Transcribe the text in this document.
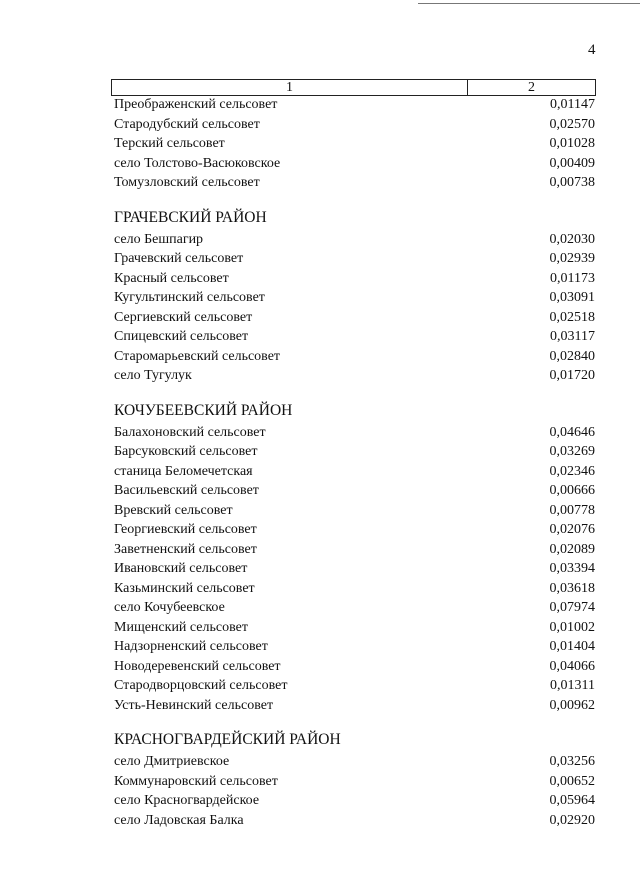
4
1	2
Преображенский сельсовет	0,01147
Стародубский сельсовет	0,02570
Терский сельсовет	0,01028
село Толстово-Васюковское	0,00409
Томузловский сельсовет	0,00738
ГРАЧЕВСКИЙ РАЙОН
село Бешпагир	0,02030
Грачевский сельсовет	0,02939
Красный сельсовет	0,01173
Кугультинский сельсовет	0,03091
Сергиевский сельсовет	0,02518
Спицевский сельсовет	0,03117
Старомарьевский сельсовет	0,02840
село Тугулук	0,01720
КОЧУБЕЕВСКИЙ РАЙОН
Балахоновский сельсовет	0,04646
Барсуковский сельсовет	0,03269
станица Беломечетская	0,02346
Васильевский сельсовет	0,00666
Вревский сельсовет	0,00778
Георгиевский сельсовет	0,02076
Заветненский сельсовет	0,02089
Ивановский сельсовет	0,03394
Казьминский сельсовет	0,03618
село Кочубеевское	0,07974
Мищенский сельсовет	0,01002
Надзорненский сельсовет	0,01404
Новодеревенский сельсовет	0,04066
Стародворцовский сельсовет	0,01311
Усть-Невинский сельсовет	0,00962
КРАСНОГВАРДЕЙСКИЙ РАЙОН
село Дмитриевское	0,03256
Коммунаровский сельсовет	0,00652
село Красногвардейское	0,05964
село Ладовская Балка	0,02920
